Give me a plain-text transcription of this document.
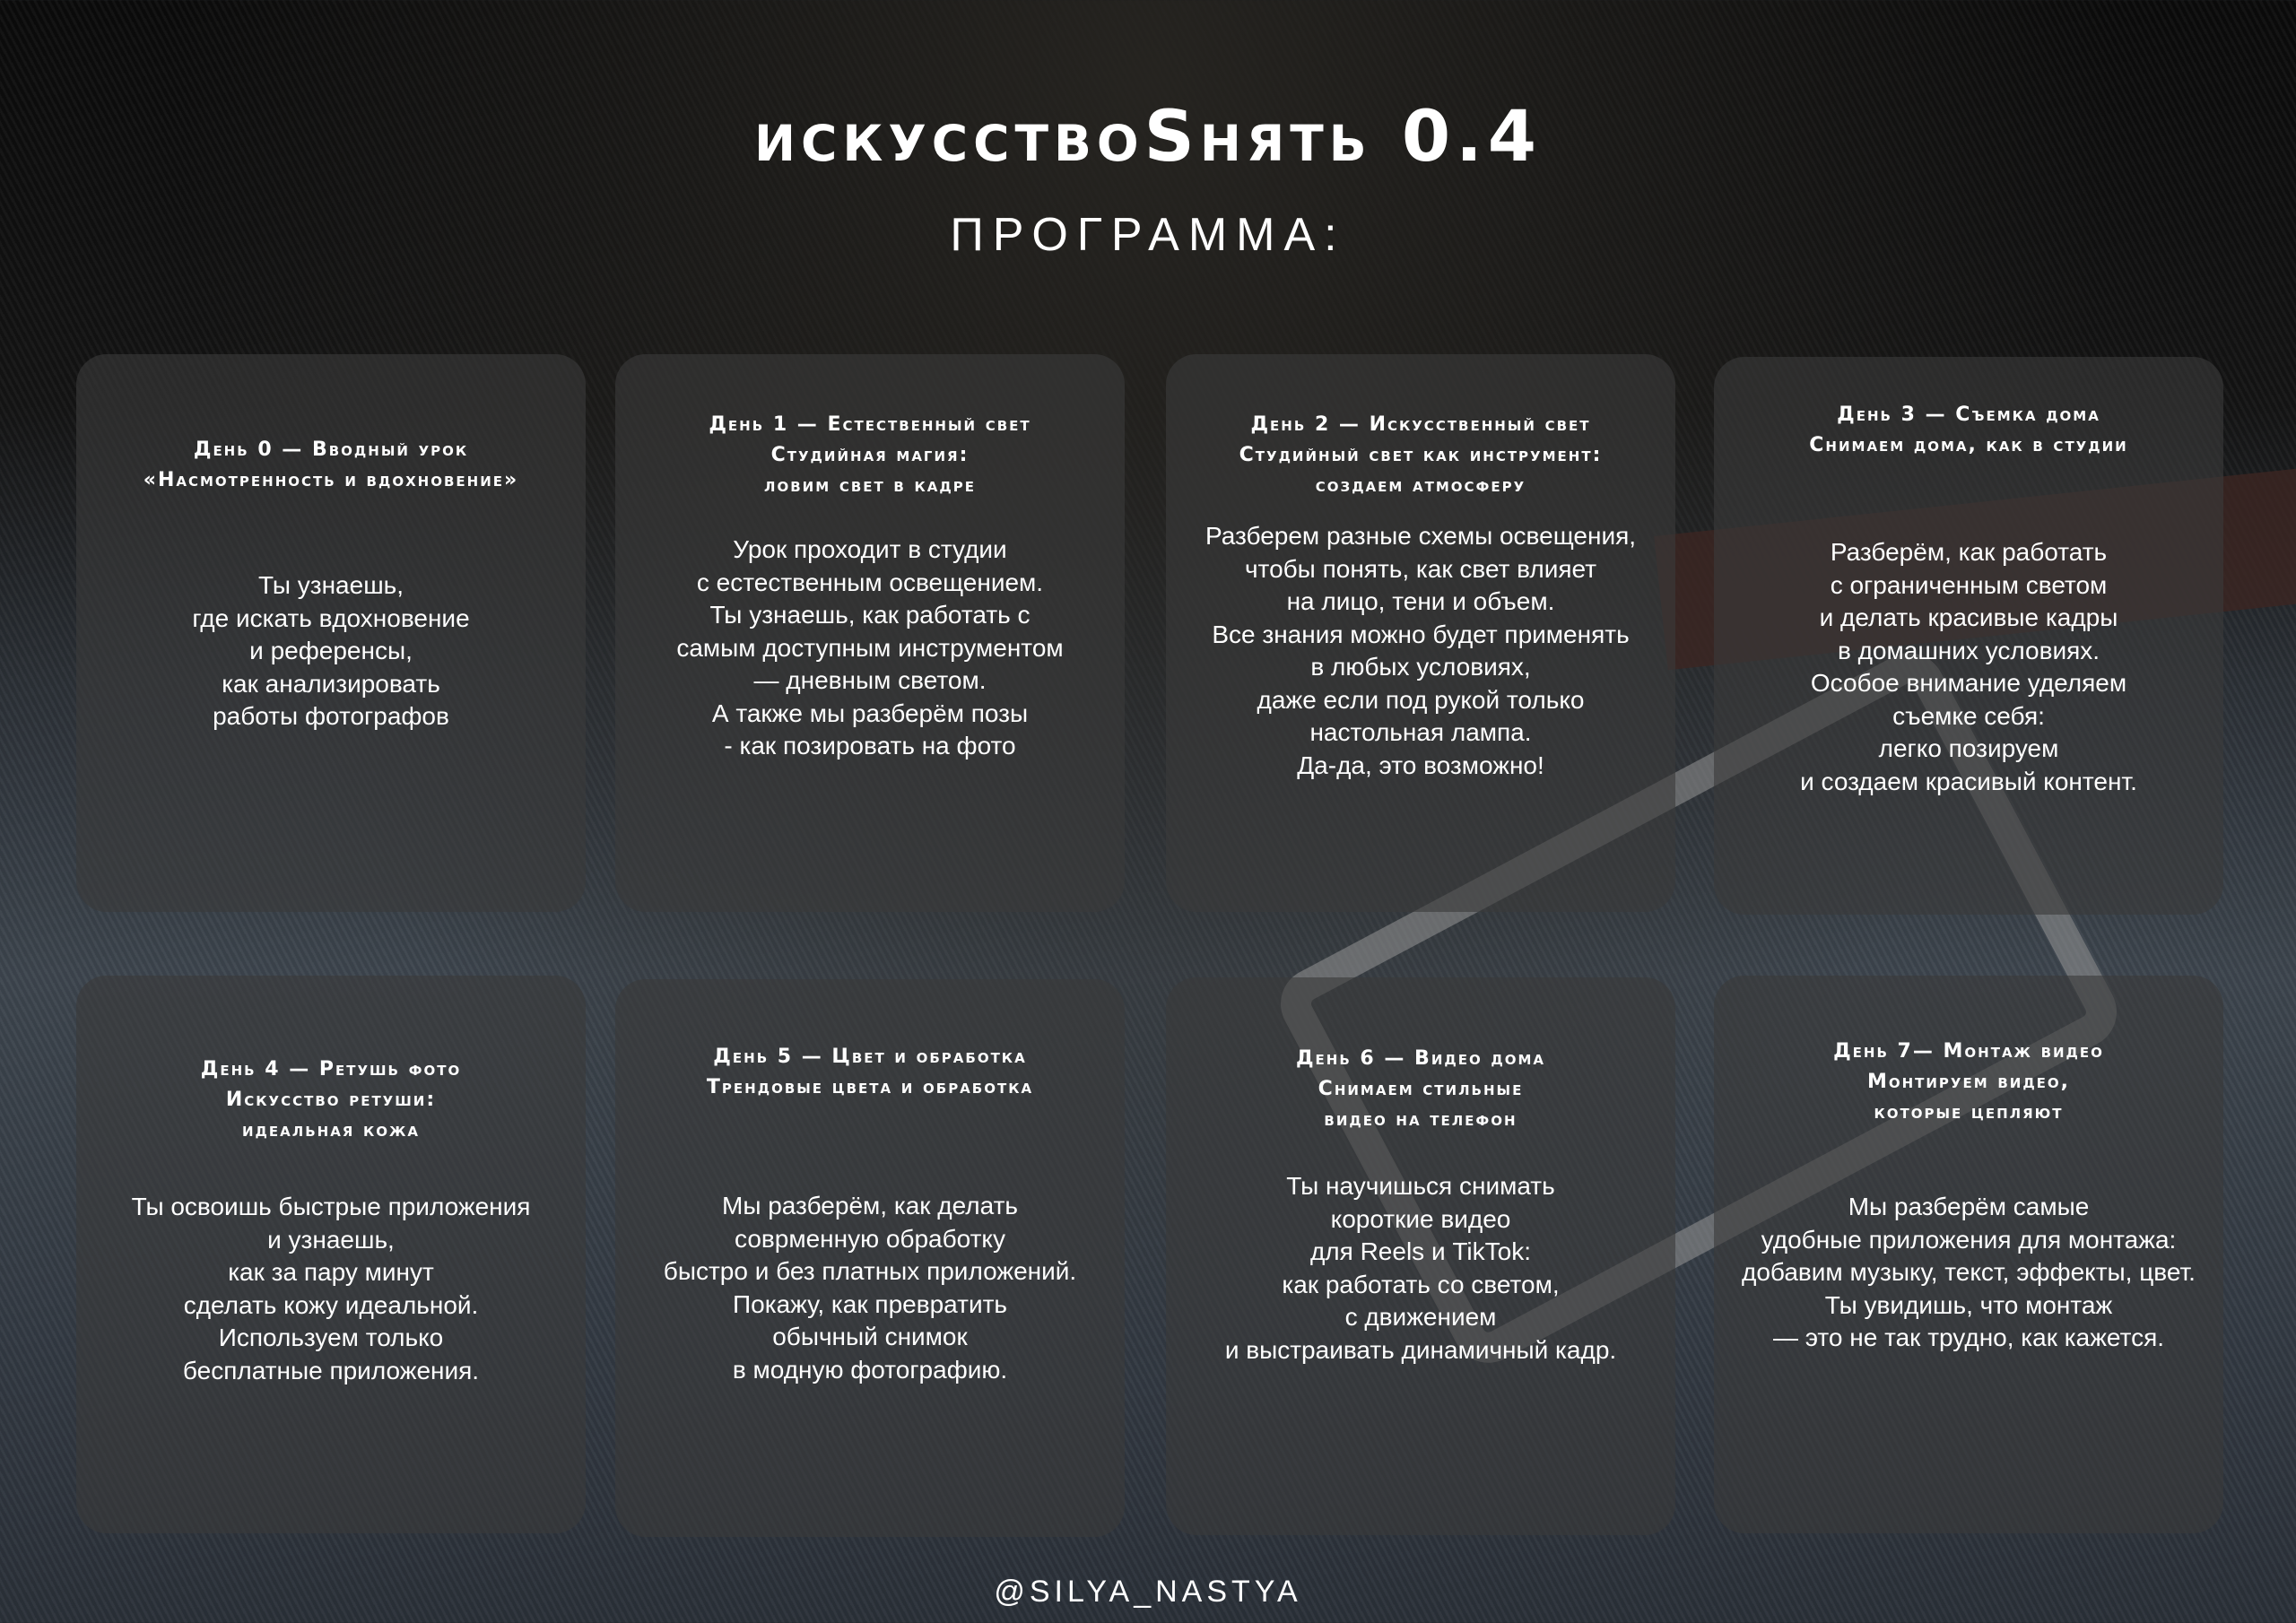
искусствоSнять 0.4
ПРОГРАММА:
День 0 — Вводный урок
«Насмотренность и вдохновение»
Ты узнаешь,
где искать вдохновение
и референсы,
как анализировать
работы фотографов
День 1 — Естественный свет
Студийная магия:
ловим свет в кадре
Урок проходит в студии
с естественным освещением.
Ты узнаешь, как работать с
самым доступным инструментом
— дневным светом.
А также мы разберём позы
- как позировать на фото
День 2 — Искусственный свет
Студийный свет как инструмент:
создаем атмосферу
Разберем разные схемы освещения,
чтобы понять, как свет влияет
на лицо, тени и объем.
Все знания можно будет применять
в любых условиях,
даже если под рукой только
настольная лампа.
Да-да, это возможно!
День 3 — Съемка дома
Снимаем дома, как в студии
Разберём, как работать
с ограниченным светом
и делать красивые кадры
в домашних условиях.
Особое внимание уделяем
съемке себя:
легко позируем
и создаем красивый контент.
День 4 — Ретушь фото
Искусство ретуши:
идеальная кожа
Ты освоишь быстрые приложения
и узнаешь,
как за пару минут
сделать кожу идеальной.
Используем только
бесплатные приложения.
День 5 — Цвет и обработка
Трендовые цвета и обработка
Мы разберём, как делать
соврменную обработку
быстро и без платных приложений.
Покажу, как превратить
обычный снимок
в модную фотографию.
День 6 — Видео дома
Снимаем стильные
видео на телефон
Ты научишься снимать
короткие видео
для Reels и TikTok:
как работать со светом,
с движением
и выстраивать динамичный кадр.
День 7— Монтаж видео
Монтируем видео,
которые цепляют
Мы разберём самые
удобные приложения для монтажа:
добавим музыку, текст, эффекты, цвет.
Ты увидишь, что монтаж
— это не так трудно, как кажется.
@SILYA_NASTYA
